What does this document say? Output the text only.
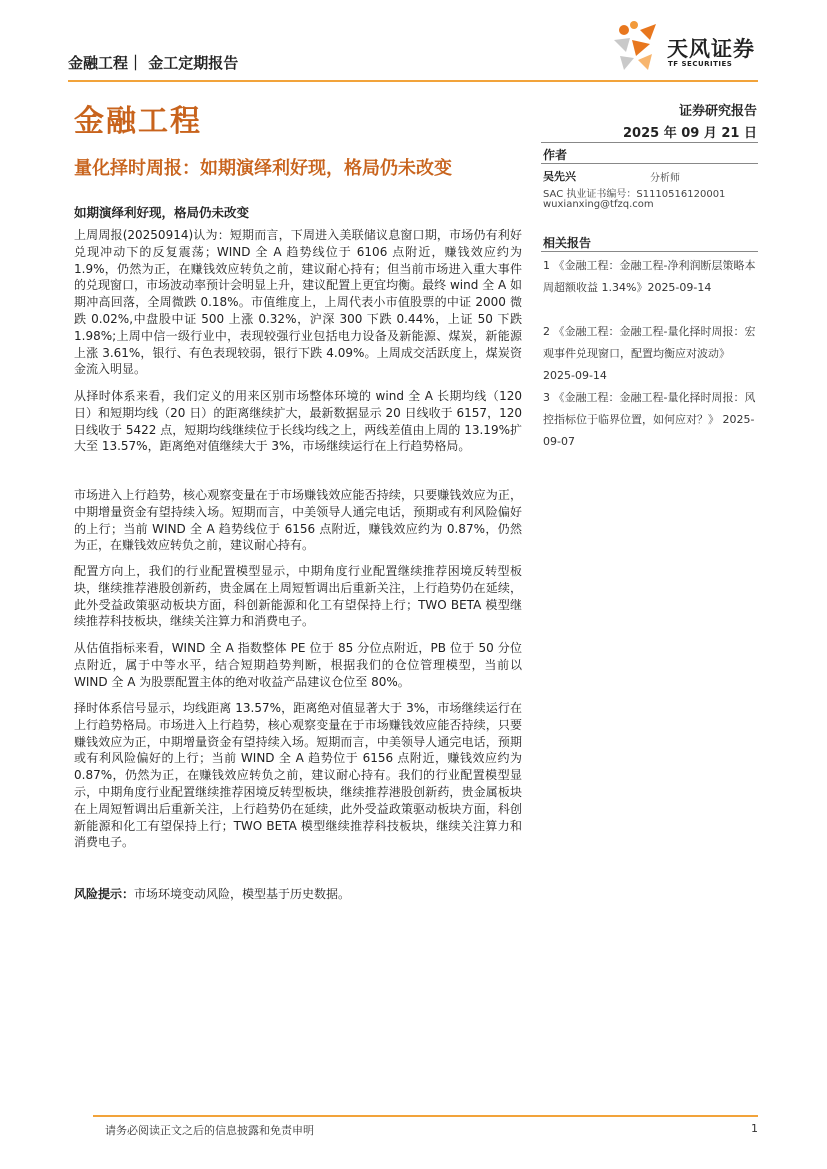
金融工程｜ 金工定期报告
天风证券
TF SECURITIES
金融工程	证券研究报告
2025 年 09 月 21 日
量化择时周报：如期演绎利好现，格局仍未改变
如期演绎利好现，格局仍未改变
上周周报(20250914)认为：短期而言，下周进入美联储议息窗口期，市场仍有利好兑现冲动下的反复震荡；WIND 全 A 趋势线位于 6106 点附近，赚钱效应约为 1.9%，仍然为正，在赚钱效应转负之前，建议耐心持有；但当前市场进入重大事件的兑现窗口，市场波动率预计会明显上升，建议配置上更宜均衡。最终 wind 全 A 如期冲高回落，全周微跌 0.18%。市值维度上，上周代表小市值股票的中证 2000 微跌 0.02%,中盘股中证 500 上涨 0.32%，沪深 300 下跌 0.44%，上证 50 下跌 1.98%;上周中信一级行业中，表现较强行业包括电力设备及新能源、煤炭，新能源上涨 3.61%，银行、有色表现较弱，银行下跌 4.09%。上周成交活跃度上，煤炭资金流入明显。
从择时体系来看，我们定义的用来区别市场整体环境的 wind 全 A 长期均线（120 日）和短期均线（20 日）的距离继续扩大，最新数据显示 20 日线收于 6157，120 日线收于 5422 点，短期均线继续位于长线均线之上，两线差值由上周的 13.19%扩大至 13.57%，距离绝对值继续大于 3%，市场继续运行在上行趋势格局。
市场进入上行趋势，核心观察变量在于市场赚钱效应能否持续，只要赚钱效应为正，中期增量资金有望持续入场。短期而言，中美领导人通完电话，预期或有利风险偏好的上行；当前 WIND 全 A 趋势线位于 6156 点附近，赚钱效应约为 0.87%，仍然为正，在赚钱效应转负之前，建议耐心持有。
配置方向上，我们的行业配置模型显示，中期角度行业配置继续推荐困境反转型板块，继续推荐港股创新药，贵金属在上周短暂调出后重新关注，上行趋势仍在延续，此外受益政策驱动板块方面，科创新能源和化工有望保持上行；TWO BETA 模型继续推荐科技板块，继续关注算力和消费电子。
从估值指标来看，WIND 全 A 指数整体 PE 位于 85 分位点附近，PB 位于 50 分位点附近，属于中等水平，结合短期趋势判断，根据我们的仓位管理模型，当前以 WIND 全 A 为股票配置主体的绝对收益产品建议仓位至 80%。
择时体系信号显示，均线距离 13.57%，距离绝对值显著大于 3%，市场继续运行在上行趋势格局。市场进入上行趋势，核心观察变量在于市场赚钱效应能否持续，只要赚钱效应为正，中期增量资金有望持续入场。短期而言，中美领导人通完电话，预期或有利风险偏好的上行；当前 WIND 全 A 趋势位于 6156 点附近，赚钱效应约为 0.87%，仍然为正，在赚钱效应转负之前，建议耐心持有。我们的行业配置模型显示，中期角度行业配置继续推荐困境反转型板块，继续推荐港股创新药，贵金属板块在上周短暂调出后重新关注，上行趋势仍在延续，此外受益政策驱动板块方面，科创新能源和化工有望保持上行；TWO BETA 模型继续推荐科技板块，继续关注算力和消费电子。
风险提示：市场环境变动风险，模型基于历史数据。
作者
吴先兴	分析师
SAC 执业证书编号：S1110516120001
wuxianxing@tfzq.com
相关报告
1 《金融工程：金融工程-净利润断层策略本周超额收益 1.34%》2025-09-14
2 《金融工程：金融工程-量化择时周报：宏观事件兑现窗口，配置均衡应对波动》 2025-09-14
3 《金融工程：金融工程-量化择时周报：风控指标位于临界位置，如何应对？》 2025-09-07
请务必阅读正文之后的信息披露和免责申明	1
